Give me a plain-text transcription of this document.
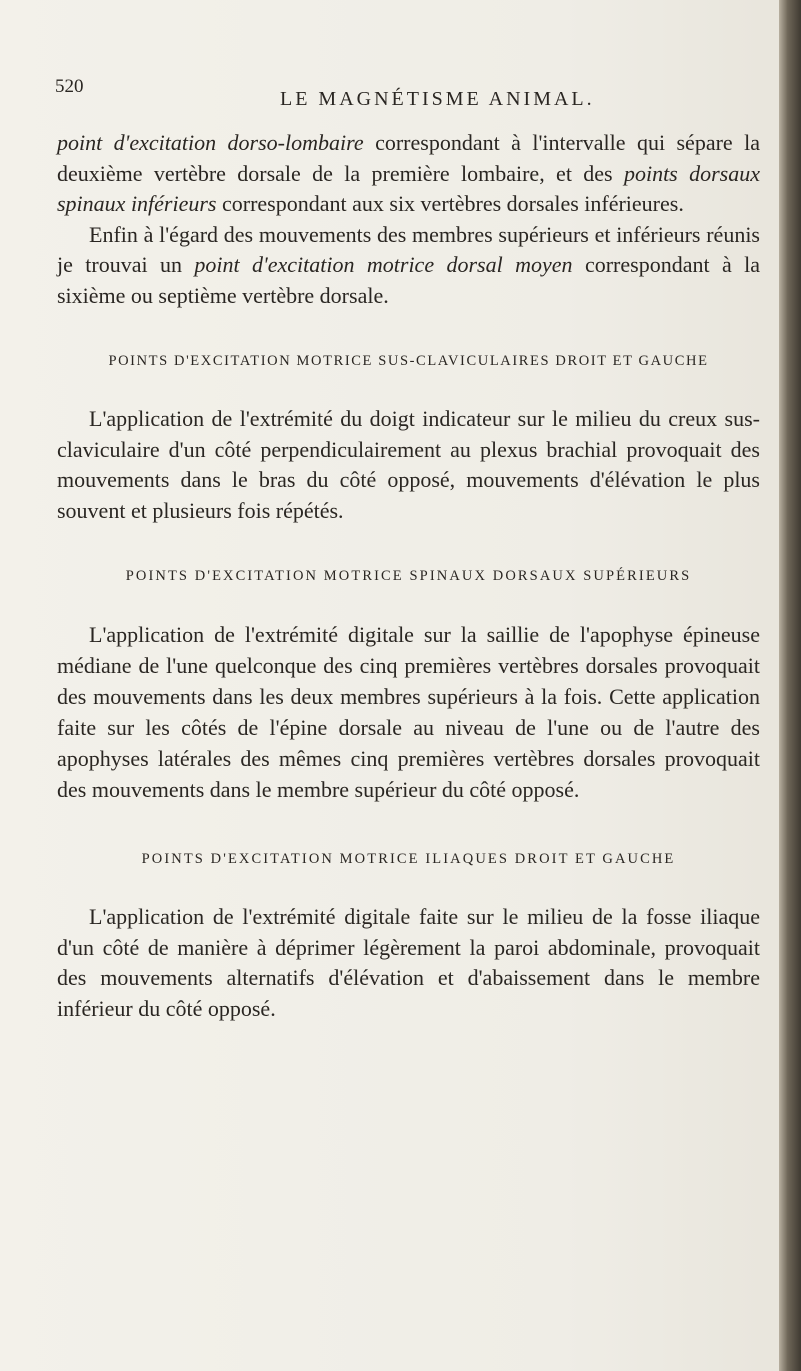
520
LE MAGNÉTISME ANIMAL.

point d'excitation dorso-lombaire correspondant à l'intervalle qui sépare la deuxième vertèbre dorsale de la première lombaire, et des points dorsaux spinaux inférieurs correspondant aux six vertèbres dorsales inférieures.

Enfin à l'égard des mouvements des membres supérieurs et inférieurs réunis je trouvai un point d'excitation motrice dorsal moyen correspondant à la sixième ou septième vertèbre dorsale.

POINTS D'EXCITATION MOTRICE SUS-CLAVICULAIRES DROIT ET GAUCHE

L'application de l'extrémité du doigt indicateur sur le milieu du creux sus-claviculaire d'un côté perpendiculairement au plexus brachial provoquait des mouvements dans le bras du côté opposé, mouvements d'élévation le plus souvent et plusieurs fois répétés.

POINTS D'EXCITATION MOTRICE SPINAUX DORSAUX SUPÉRIEURS

L'application de l'extrémité digitale sur la saillie de l'apophyse épineuse médiane de l'une quelconque des cinq premières vertèbres dorsales provoquait des mouvements dans les deux membres supérieurs à la fois. Cette application faite sur les côtés de l'épine dorsale au niveau de l'une ou de l'autre des apophyses latérales des mêmes cinq premières vertèbres dorsales provoquait des mouvements dans le membre supérieur du côté opposé.

POINTS D'EXCITATION MOTRICE ILIAQUES DROIT ET GAUCHE

L'application de l'extrémité digitale faite sur le milieu de la fosse iliaque d'un côté de manière à déprimer légèrement la paroi abdominale, provoquait des mouvements alternatifs d'élévation et d'abaissement dans le membre inférieur du côté opposé.
